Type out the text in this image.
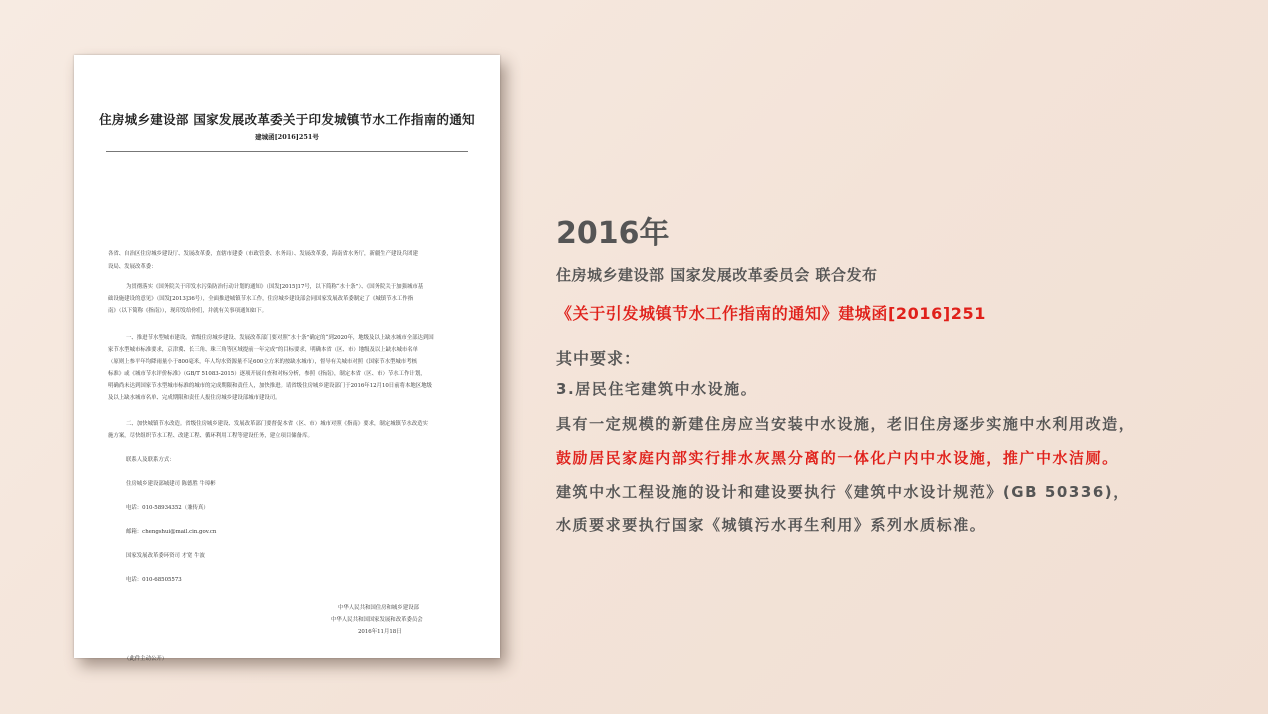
住房城乡建设部 国家发展改革委关于印发城镇节水工作指南的通知
建城函[2016]251号
各省、自治区住房城乡建设厅、发展改革委，直辖市建委（市政管委、水务局）、发展改革委，海南省水务厅，新疆生产建设兵团建
设局、发展改革委：
为贯彻落实《国务院关于印发水污染防治行动计划的通知》（国发[2015]17号，以下简称“水十条”）、《国务院关于加强城市基
础设施建设的意见》（国发[2013]36号），全面推进城镇节水工作，住房城乡建设部会同国家发展改革委制定了《城镇节水工作指
南》（以下简称《指南》），现印发给你们，并就有关事项通知如下。
一、推进节水型城市建设。省级住房城乡建设、发展改革部门要对照“水十条”确定的“到2020年，地级及以上缺水城市全部达到国
家节水型城市标准要求，京津冀、长三角、珠三角等区域提前一年完成”的目标要求，明确本省（区、市）地级及以上缺水城市名单
（原则上参平年均降雨量小于800毫米，年人均水资源量不足600立方米的按缺水城市），督导有关城市对照《国家节水型城市考核
标准》或《城市节水评价标准》（GB/T 51083-2015）逐项开展自查和对标分析，参照《指南》，制定本省（区、市）节水工作计划，
明确尚未达到国家节水型城市标准的城市的完成期限和责任人，加快推进。请省级住房城乡建设部门于2016年12月10日前将本地区地级
及以上缺水城市名单、完成期限和责任人报住房城乡建设部城市建设司。
二、加快城镇节水改造。省级住房城乡建设、发展改革部门要督促本省（区、市）城市对照《指南》要求，制定城镇节水改造实
施方案，尽快组织节水工程、改建工程、循环利用工程等建设任务，建立项目储备库。
联系人及联系方式：
住房城乡建设部城建司 陈德胜 牛璋彬
电话：010-58934352（兼传真）
邮箱：chengshui@mail.cin.gov.cn
国家发展改革委环资司 才宽 牛波
电话：010-68505573
中华人民共和国住房和城乡建设部
中华人民共和国国家发展和改革委员会
2016年11月18日
（此件主动公开）
2016年
住房城乡建设部 国家发展改革委员会 联合发布
《关于引发城镇节水工作指南的通知》建城函[2016]251
其中要求：
3.居民住宅建筑中水设施。
具有一定规模的新建住房应当安装中水设施，老旧住房逐步实施中水利用改造，
鼓励居民家庭内部实行排水灰黑分离的一体化户内中水设施，推广中水洁厕。
建筑中水工程设施的设计和建设要执行《建筑中水设计规范》(GB 50336)，
水质要求要执行国家《城镇污水再生利用》系列水质标准。
